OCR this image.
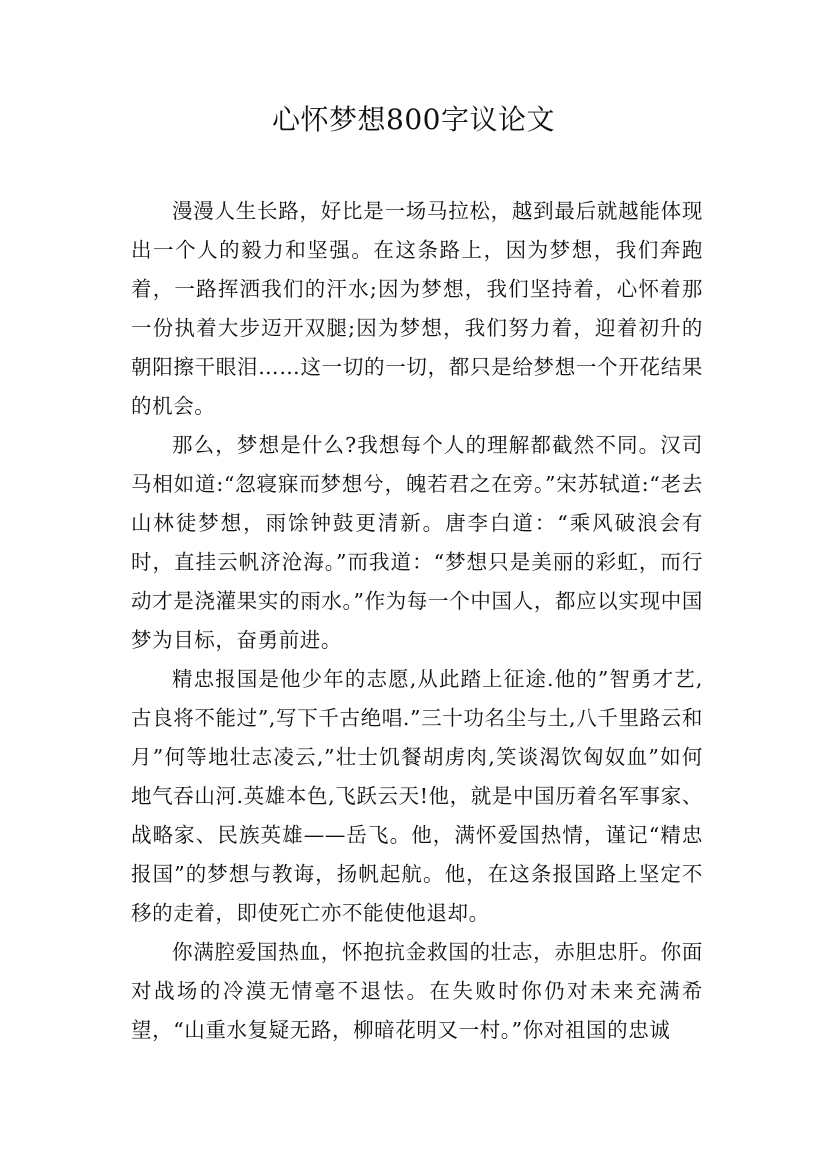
心怀梦想800字议论文

漫漫人生长路，好比是一场马拉松，越到最后就越能体现出一个人的毅力和坚强。在这条路上，因为梦想，我们奔跑着，一路挥洒我们的汗水;因为梦想，我们坚持着，心怀着那一份执着大步迈开双腿;因为梦想，我们努力着，迎着初升的朝阳擦干眼泪……这一切的一切，都只是给梦想一个开花结果的机会。

那么，梦想是什么?我想每个人的理解都截然不同。汉司马相如道:“忽寝寐而梦想兮，魄若君之在旁。”宋苏轼道:“老去山林徒梦想，雨馀钟鼓更清新。唐李白道：“乘风破浪会有时，直挂云帆济沧海。”而我道：“梦想只是美丽的彩虹，而行动才是浇灌果实的雨水。”作为每一个中国人，都应以实现中国梦为目标，奋勇前进。

精忠报国是他少年的志愿,从此踏上征途.他的”智勇才艺,古良将不能过”,写下千古绝唱.”三十功名尘与土,八千里路云和月”何等地壮志凌云,”壮士饥餐胡虏肉,笑谈渴饮匈奴血”如何地气吞山河.英雄本色,飞跃云天!他，就是中国历着名军事家、战略家、民族英雄——岳飞。他，满怀爱国热情，谨记“精忠报国”的梦想与教诲，扬帆起航。他，在这条报国路上坚定不移的走着，即使死亡亦不能使他退却。

你满腔爱国热血，怀抱抗金救国的壮志，赤胆忠肝。你面对战场的冷漠无情毫不退怯。在失败时你仍对未来充满希望，“山重水复疑无路，柳暗花明又一村。”你对祖国的忠诚
